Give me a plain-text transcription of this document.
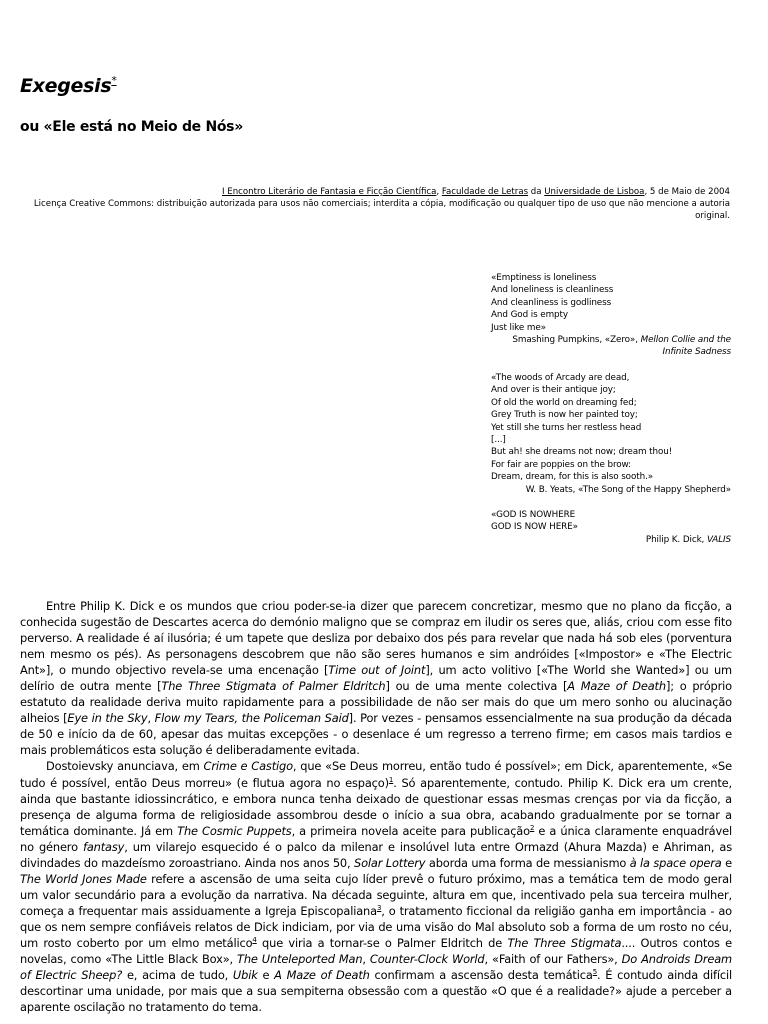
Exegesis*
ou «Ele está no Meio de Nós»
I Encontro Literário de Fantasia e Ficção Científica, Faculdade de Letras da Universidade de Lisboa, 5 de Maio de 2004
Licença Creative Commons: distribuição autorizada para usos não comerciais; interdita a cópia, modificação ou qualquer tipo de uso que não mencione a autoria original.
«Emptiness is loneliness
And loneliness is cleanliness
And cleanliness is godliness
And God is empty
Just like me»
Smashing Pumpkins, «Zero», Mellon Collie and the
Infinite Sadness
«The woods of Arcady are dead,
And over is their antique joy;
Of old the world on dreaming fed;
Grey Truth is now her painted toy;
Yet still she turns her restless head
[...]
But ah! she dreams not now; dream thou!
For fair are poppies on the brow:
Dream, dream, for this is also sooth.»
W. B. Yeats, «The Song of the Happy Shepherd»
«GOD IS NOWHERE
GOD IS NOW HERE»
Philip K. Dick, VALIS

Entre Philip K. Dick e os mundos que criou poder-se-ia dizer que parecem concretizar, mesmo que no plano da ficção, a conhecida sugestão de Descartes acerca do demónio maligno que se compraz em iludir os seres que, aliás, criou com esse fito perverso. A realidade é aí ilusória; é um tapete que desliza por debaixo dos pés para revelar que nada há sob eles (porventura nem mesmo os pés). As personagens descobrem que não são seres humanos e sim andróides [«Impostor» e «The Electric Ant»], o mundo objectivo revela-se uma encenação [Time out of Joint], um acto volitivo [«The World she Wanted»] ou um delírio de outra mente [The Three Stigmata of Palmer Eldritch] ou de uma mente colectiva [A Maze of Death]; o próprio estatuto da realidade deriva muito rapidamente para a possibilidade de não ser mais do que um mero sonho ou alucinação alheios [Eye in the Sky, Flow my Tears, the Policeman Said]. Por vezes - pensamos essencialmente na sua produção da década de 50 e início da de 60, apesar das muitas excepções - o desenlace é um regresso a terreno firme; em casos mais tardios e mais problemáticos esta solução é deliberadamente evitada.

Dostoievsky anunciava, em Crime e Castigo, que «Se Deus morreu, então tudo é possível»; em Dick, aparentemente, «Se tudo é possível, então Deus morreu» (e flutua agora no espaço)$^1$. Só aparentemente, contudo. Philip K. Dick era um crente, ainda que bastante idiossincrático, e embora nunca tenha deixado de questionar essas mesmas crenças por via da ficção, a presença de alguma forma de religiosidade assombrou desde o início a sua obra, acabando gradualmente por se tornar a temática dominante. Já em The Cosmic Puppets, a primeira novela aceite para publicação$^2$ e a única claramente enquadrável no género fantasy, um vilarejo esquecido é o palco da milenar e insolúvel luta entre Ormazd (Ahura Mazda) e Ahriman, as divindades do mazdeísmo zoroastriano. Ainda nos anos 50, Solar Lottery aborda uma forma de messianismo à la space opera e The World Jones Made refere a ascensão de uma seita cujo líder prevê o futuro próximo, mas a temática tem de modo geral um valor secundário para a evolução da narrativa. Na década seguinte, altura em que, incentivado pela sua terceira mulher, começa a frequentar mais assiduamente a Igreja Episcopaliana$^3$, o tratamento ficcional da religião ganha em importância - ao que os nem sempre confiáveis relatos de Dick indiciam, por via de uma visão do Mal absoluto sob a forma de um rosto no céu, um rosto coberto por um elmo metálico$^4$ que viria a tornar-se o Palmer Eldritch de The Three Stigmata.... Outros contos e novelas, como «The Little Black Box», The Unteleported Man, Counter-Clock World, «Faith of our Fathers», Do Androids Dream of Electric Sheep? e, acima de tudo, Ubik e A Maze of Death confirmam a ascensão desta temática$^5$. É contudo ainda difícil descortinar uma unidade, por mais que a sua sempiterna obsessão com a questão «O que é a realidade?» ajude a perceber a aparente oscilação no tratamento do tema.
